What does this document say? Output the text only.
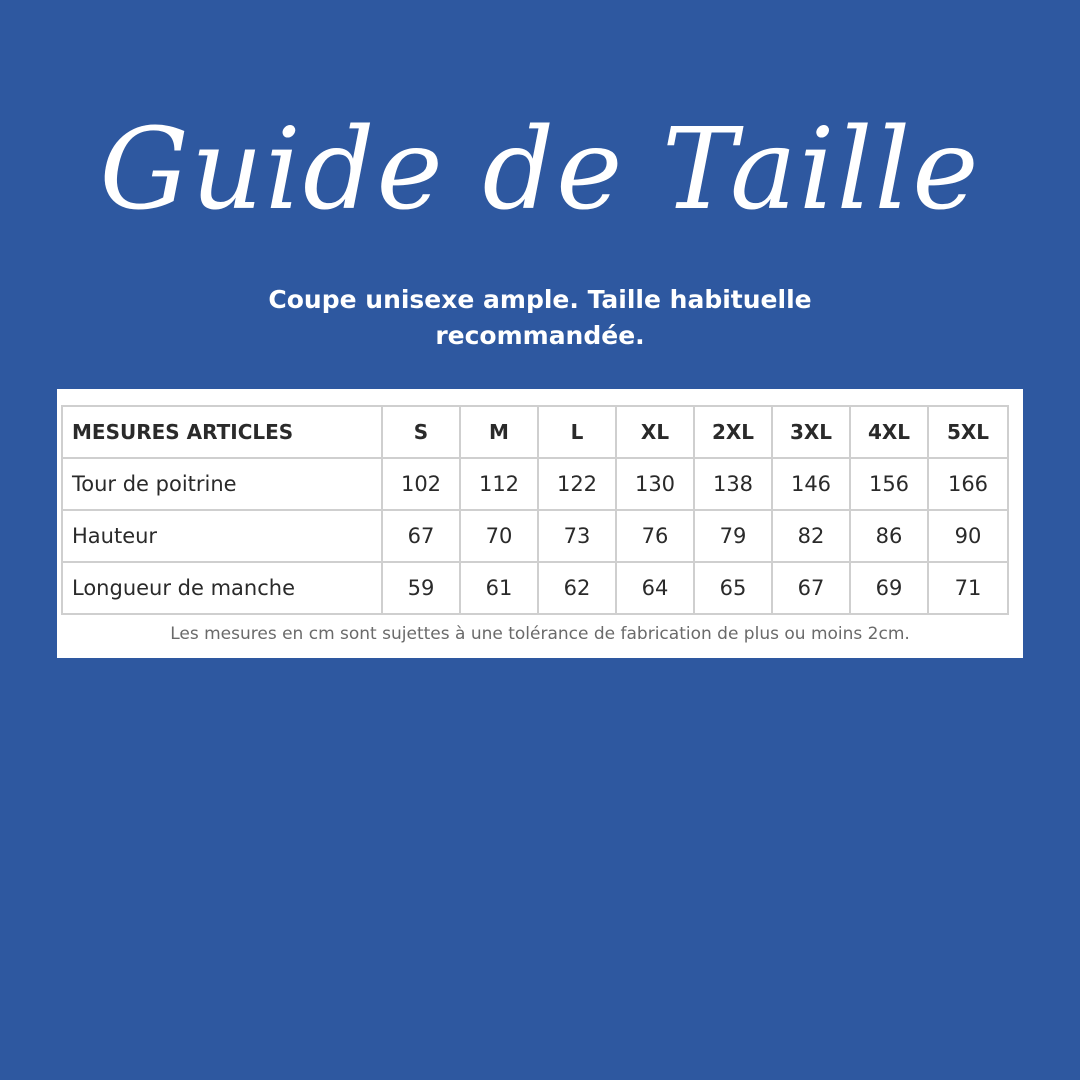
Guide de Taille
Coupe unisexe ample. Taille habituelle recommandée.
MESURES ARTICLES	S	M	L	XL	2XL	3XL	4XL	5XL
Tour de poitrine	102	112	122	130	138	146	156	166
Hauteur	67	70	73	76	79	82	86	90
Longueur de manche	59	61	62	64	65	67	69	71
Les mesures en cm sont sujettes à une tolérance de fabrication de plus ou moins 2cm.
